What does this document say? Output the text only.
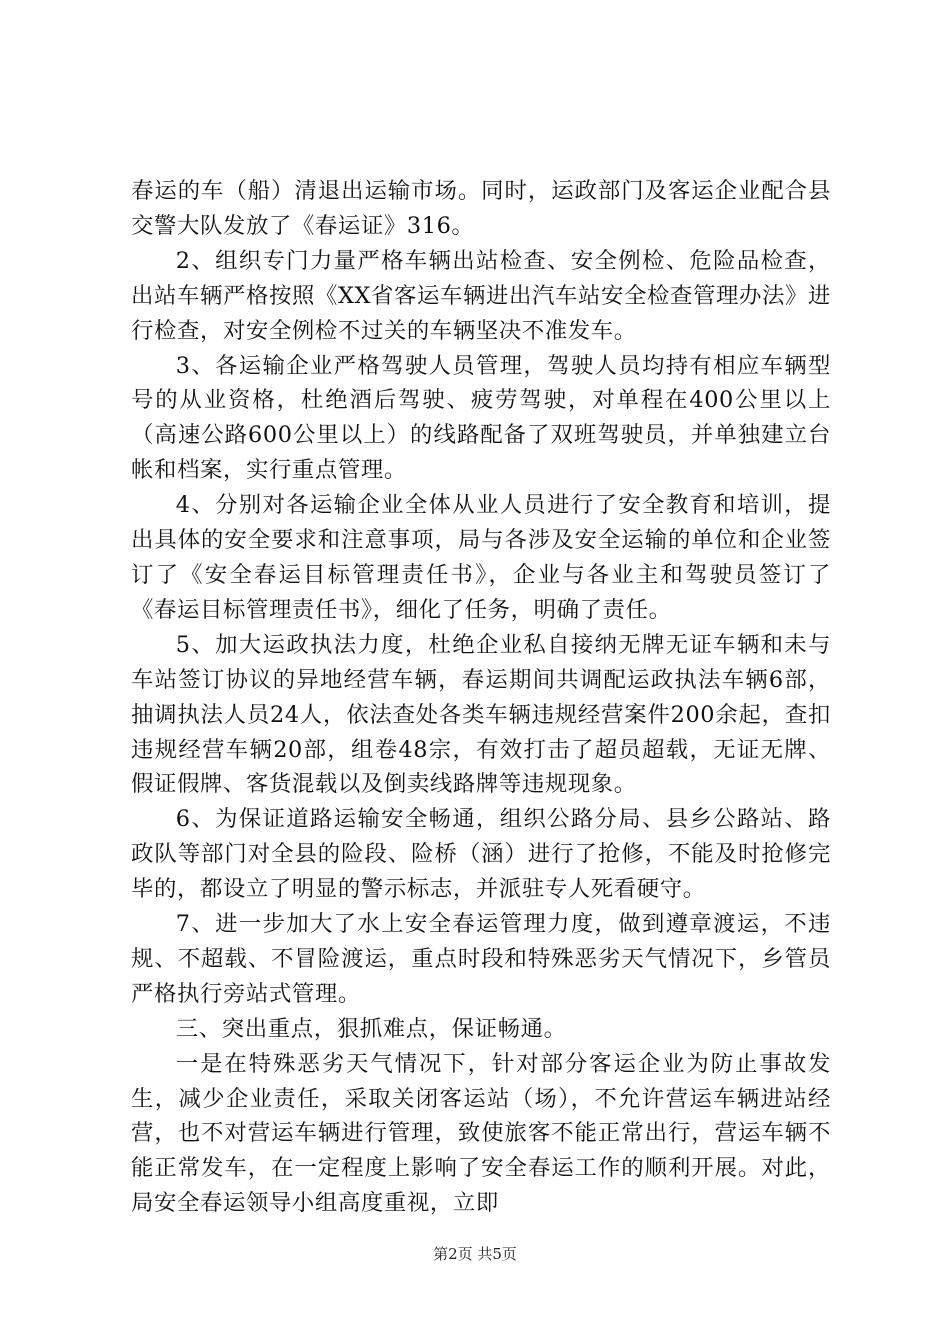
春运的车（船）清退出运输市场。同时，运政部门及客运企业配合县交警大队发放了《春运证》316。

2、组织专门力量严格车辆出站检查、安全例检、危险品检查，出站车辆严格按照《XX省客运车辆进出汽车站安全检查管理办法》进行检查，对安全例检不过关的车辆坚决不准发车。

3、各运输企业严格驾驶人员管理，驾驶人员均持有相应车辆型号的从业资格，杜绝酒后驾驶、疲劳驾驶，对单程在400公里以上（高速公路600公里以上）的线路配备了双班驾驶员，并单独建立台帐和档案，实行重点管理。

4、分别对各运输企业全体从业人员进行了安全教育和培训，提出具体的安全要求和注意事项，局与各涉及安全运输的单位和企业签订了《安全春运目标管理责任书》，企业与各业主和驾驶员签订了《春运目标管理责任书》，细化了任务，明确了责任。

5、加大运政执法力度，杜绝企业私自接纳无牌无证车辆和未与车站签订协议的异地经营车辆，春运期间共调配运政执法车辆6部，抽调执法人员24人，依法查处各类车辆违规经营案件200余起，查扣违规经营车辆20部，组卷48宗，有效打击了超员超载，无证无牌、假证假牌、客货混载以及倒卖线路牌等违规现象。

6、为保证道路运输安全畅通，组织公路分局、县乡公路站、路政队等部门对全县的险段、险桥（涵）进行了抢修，不能及时抢修完毕的，都设立了明显的警示标志，并派驻专人死看硬守。

7、进一步加大了水上安全春运管理力度，做到遵章渡运，不违规、不超载、不冒险渡运，重点时段和特殊恶劣天气情况下，乡管员严格执行旁站式管理。

三、突出重点，狠抓难点，保证畅通。

一是在特殊恶劣天气情况下，针对部分客运企业为防止事故发生，减少企业责任，采取关闭客运站（场），不允许营运车辆进站经营，也不对营运车辆进行管理，致使旅客不能正常出行，营运车辆不能正常发车，在一定程度上影响了安全春运工作的顺利开展。对此，局安全春运领导小组高度重视，立即

第2页 共5页
